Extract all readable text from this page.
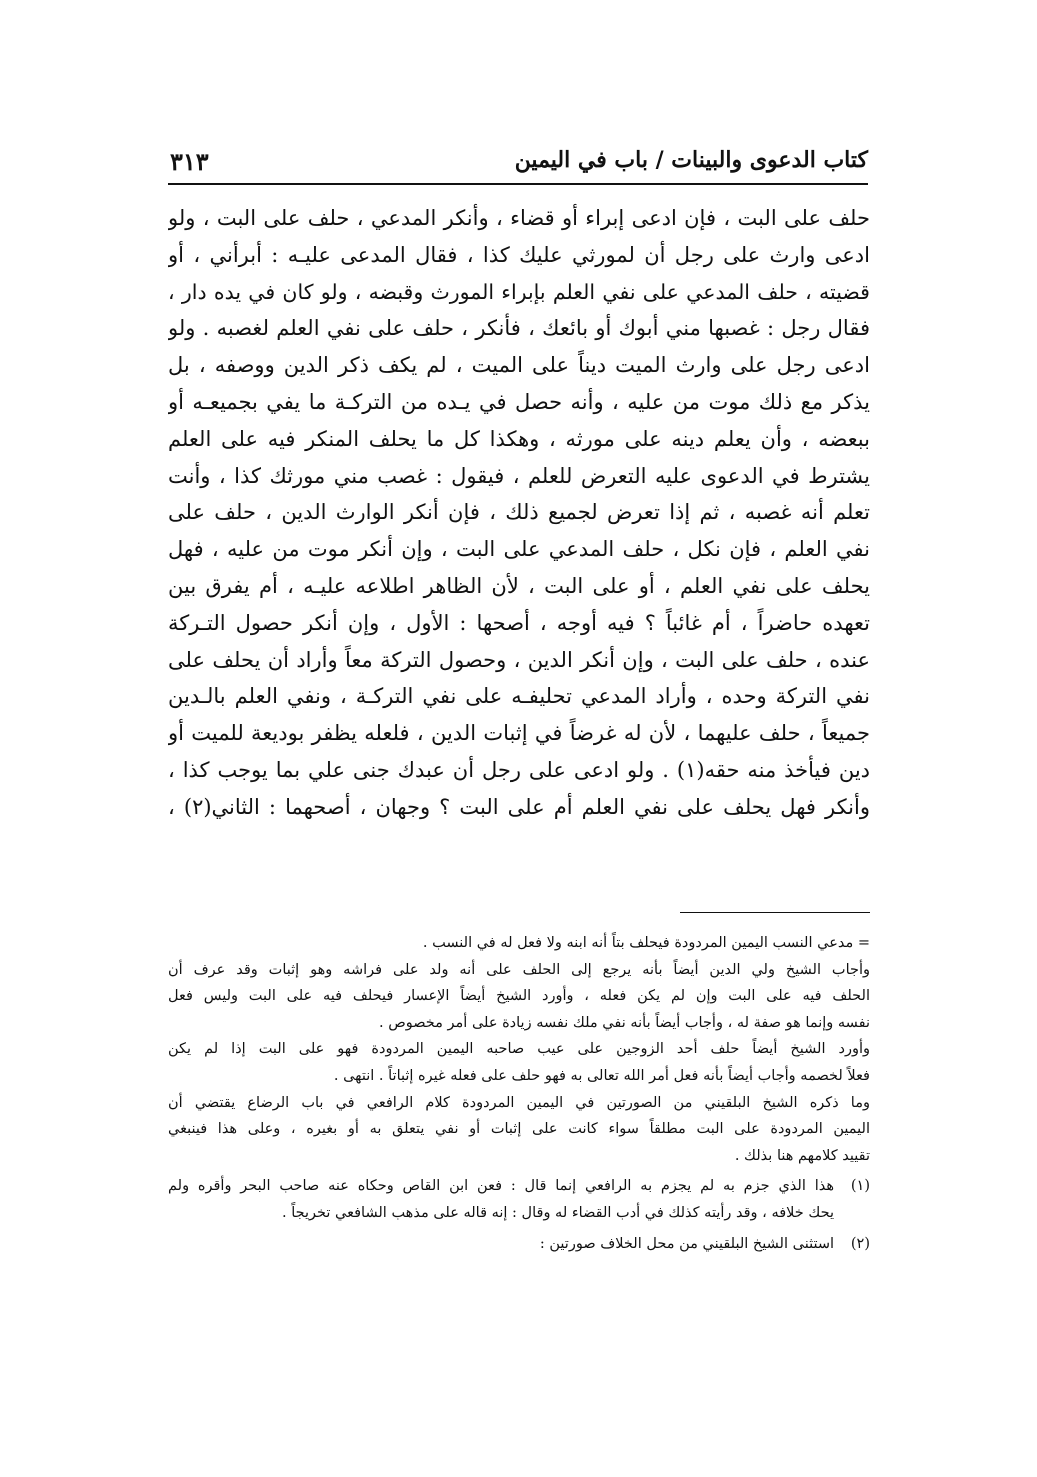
كتاب الدعوى والبينات / باب في اليمين
٣١٣
حلف على البت ، فإن ادعى إبراء أو قضاء ، وأنكر المدعي ، حلف على البت ، ولو
ادعى وارث على رجل أن لمورثي عليك كذا ، فقال المدعى عليـه : أبرأني ، أو
قضيته ، حلف المدعي على نفي العلم بإبراء المورث وقبضه ، ولو كان في يده دار ،
فقال رجل : غصبها مني أبوك أو بائعك ، فأنكر ، حلف على نفي العلم لغصبه . ولو
ادعى رجل على وارث الميت ديناً على الميت ، لم يكف ذكر الدين ووصفه ، بل
يذكر مع ذلك موت من عليه ، وأنه حصل في يـده من التركـة ما يفي بجميعـه أو
ببعضه ، وأن يعلم دينه على مورثه ، وهكذا كل ما يحلف المنكر فيه على العلم
يشترط في الدعوى عليه التعرض للعلم ، فيقول : غصب مني مورثك كذا ، وأنت
تعلم أنه غصبه ، ثم إذا تعرض لجميع ذلك ، فإن أنكر الوارث الدين ، حلف على
نفي العلم ، فإن نكل ، حلف المدعي على البت ، وإن أنكر موت من عليه ، فهل
يحلف على نفي العلم ، أو على البت ، لأن الظاهر اطلاعه عليـه ، أم يفرق بين
تعهده حاضراً ، أم غائباً ؟ فيه أوجه ، أصحها : الأول ، وإن أنكر حصول التـركة
عنده ، حلف على البت ، وإن أنكر الدين ، وحصول التركة معاً وأراد أن يحلف على
نفي التركة وحده ، وأراد المدعي تحليفـه على نفي التركـة ، ونفي العلم بالـدين
جميعاً ، حلف عليهما ، لأن له غرضاً في إثبات الدين ، فلعله يظفر بوديعة للميت أو
دين فيأخذ منه حقه(١) . ولو ادعى على رجل أن عبدك جنى علي بما يوجب كذا ،
وأنكر فهل يحلف على نفي العلم أم على البت ؟ وجهان ، أصحهما : الثاني(٢) ،
= مدعي النسب اليمين المردودة فيحلف بتاً أنه ابنه ولا فعل له في النسب .
وأجاب الشيخ ولي الدين أيضاً بأنه يرجع إلى الحلف على أنه ولد على فراشه وهو إثبات وقد عرف أن
الحلف فيه على البت وإن لم يكن فعله ، وأورد الشيخ أيضاً الإعسار فيحلف فيه على البت وليس فعل
نفسه وإنما هو صفة له ، وأجاب أيضاً بأنه نفي ملك نفسه زيادة على أمر مخصوص .
وأورد الشيخ أيضاً حلف أحد الزوجين على عيب صاحبه اليمين المردودة فهو على البت إذا لم يكن
فعلاً لخصمه وأجاب أيضاً بأنه فعل أمر الله تعالى به فهو حلف على فعله غيره إثباتاً . انتهى .
وما ذكره الشيخ البلقيني من الصورتين في اليمين المردودة كلام الرافعي في باب الرضاع يقتضي أن
اليمين المردودة على البت مطلقاً سواء كانت على إثبات أو نفي يتعلق به أو بغيره ، وعلى هذا فينبغي
تقييد كلامهم هنا بذلك .
(١)
هذا الذي جزم به لم يجزم به الرافعي إنما قال : فعن ابن القاص وحكاه عنه صاحب البحر وأقره ولم
يحك خلافه ، وقد رأيته كذلك في أدب القضاء له وقال : إنه قاله على مذهب الشافعي تخريجاً .
(٢)
استثنى الشيخ البلقيني من محل الخلاف صورتين :
